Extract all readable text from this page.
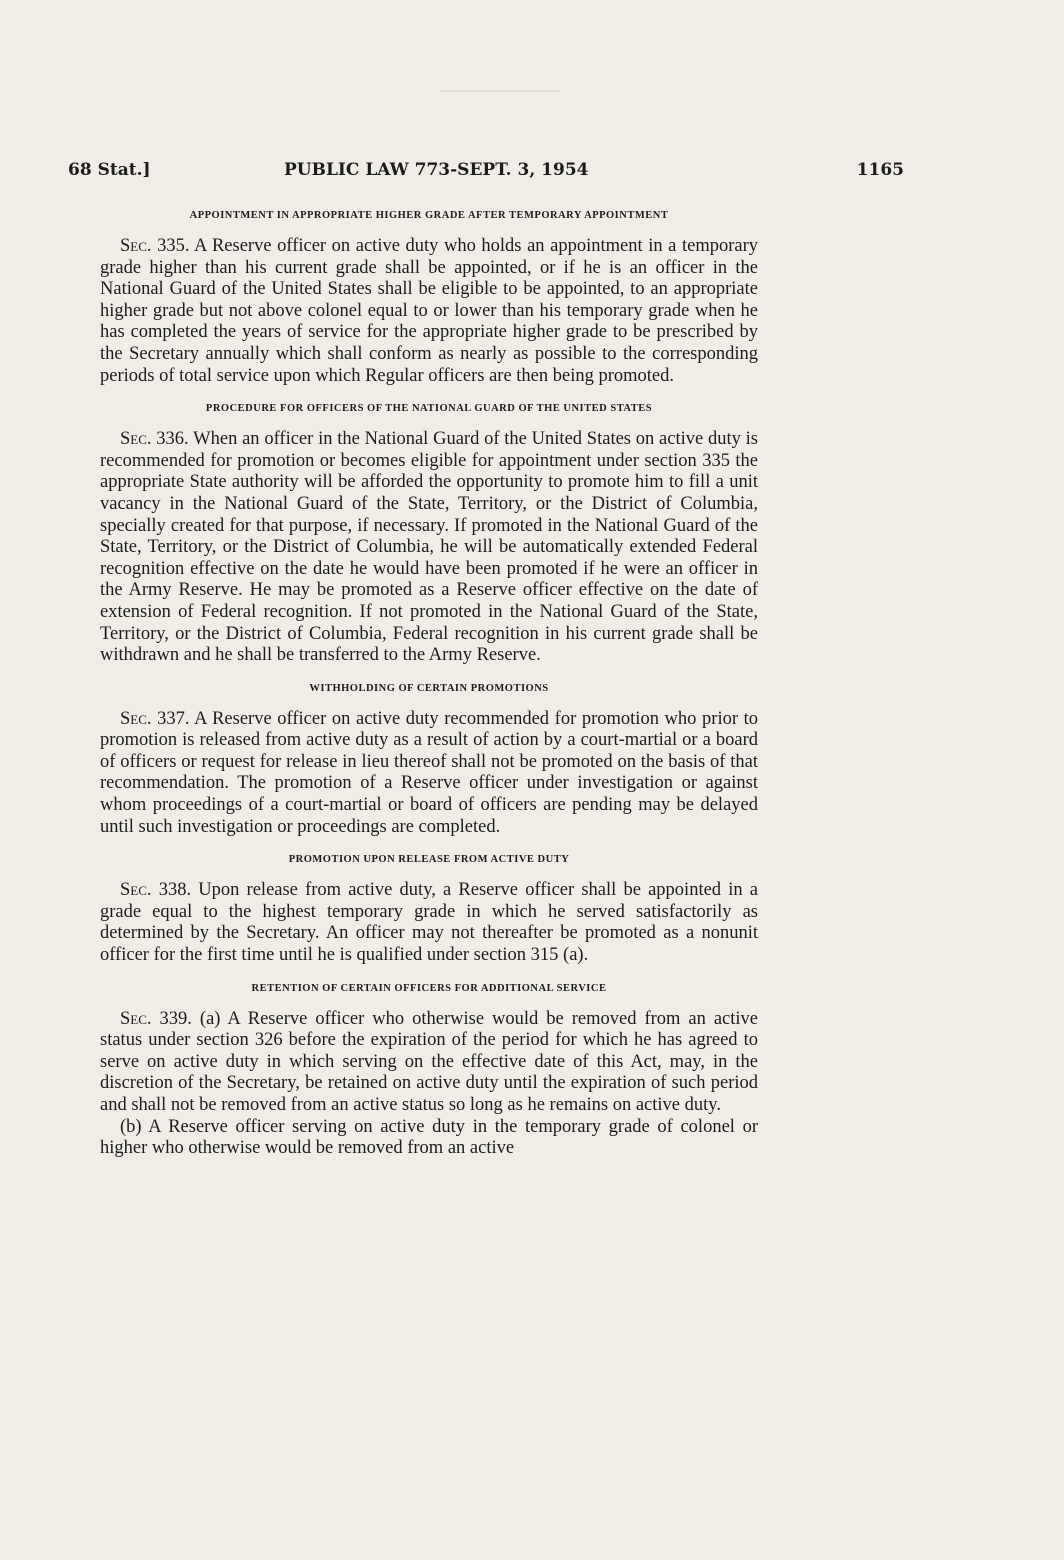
68 Stat.]	PUBLIC LAW 773-SEPT. 3, 1954	1165
APPOINTMENT IN APPROPRIATE HIGHER GRADE AFTER TEMPORARY APPOINTMENT

Sec. 335. A Reserve officer on active duty who holds an appointment in a temporary grade higher than his current grade shall be appointed, or if he is an officer in the National Guard of the United States shall be eligible to be appointed, to an appropriate higher grade but not above colonel equal to or lower than his temporary grade when he has completed the years of service for the appropriate higher grade to be prescribed by the Secretary annually which shall conform as nearly as possible to the corresponding periods of total service upon which Regular officers are then being promoted.

PROCEDURE FOR OFFICERS OF THE NATIONAL GUARD OF THE UNITED STATES

Sec. 336. When an officer in the National Guard of the United States on active duty is recommended for promotion or becomes eligible for appointment under section 335 the appropriate State authority will be afforded the opportunity to promote him to fill a unit vacancy in the National Guard of the State, Territory, or the District of Columbia, specially created for that purpose, if necessary. If promoted in the National Guard of the State, Territory, or the District of Columbia, he will be automatically extended Federal recognition effective on the date he would have been promoted if he were an officer in the Army Reserve. He may be promoted as a Reserve officer effective on the date of extension of Federal recognition. If not promoted in the National Guard of the State, Territory, or the District of Columbia, Federal recognition in his current grade shall be withdrawn and he shall be transferred to the Army Reserve.

WITHHOLDING OF CERTAIN PROMOTIONS

Sec. 337. A Reserve officer on active duty recommended for promotion who prior to promotion is released from active duty as a result of action by a court-martial or a board of officers or request for release in lieu thereof shall not be promoted on the basis of that recommendation. The promotion of a Reserve officer under investigation or against whom proceedings of a court-martial or board of officers are pending may be delayed until such investigation or proceedings are completed.

PROMOTION UPON RELEASE FROM ACTIVE DUTY

Sec. 338. Upon release from active duty, a Reserve officer shall be appointed in a grade equal to the highest temporary grade in which he served satisfactorily as determined by the Secretary. An officer may not thereafter be promoted as a nonunit officer for the first time until he is qualified under section 315 (a).

RETENTION OF CERTAIN OFFICERS FOR ADDITIONAL SERVICE

Sec. 339. (a) A Reserve officer who otherwise would be removed from an active status under section 326 before the expiration of the period for which he has agreed to serve on active duty in which serving on the effective date of this Act, may, in the discretion of the Secretary, be retained on active duty until the expiration of such period and shall not be removed from an active status so long as he remains on active duty.

(b) A Reserve officer serving on active duty in the temporary grade of colonel or higher who otherwise would be removed from an active
